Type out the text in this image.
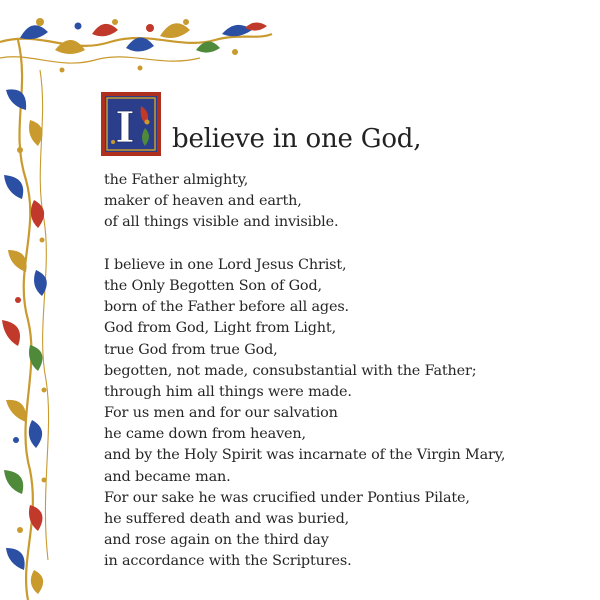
I believe in one God,
the Father almighty,
maker of heaven and earth,
of all things visible and invisible.
I believe in one Lord Jesus Christ,
the Only Begotten Son of God,
born of the Father before all ages.
God from God, Light from Light,
true God from true God,
begotten, not made, consubstantial with the Father;
through him all things were made.
For us men and for our salvation
he came down from heaven,
and by the Holy Spirit was incarnate of the Virgin Mary,
and became man.
For our sake he was crucified under Pontius Pilate,
he suffered death and was buried,
and rose again on the third day
in accordance with the Scriptures.
